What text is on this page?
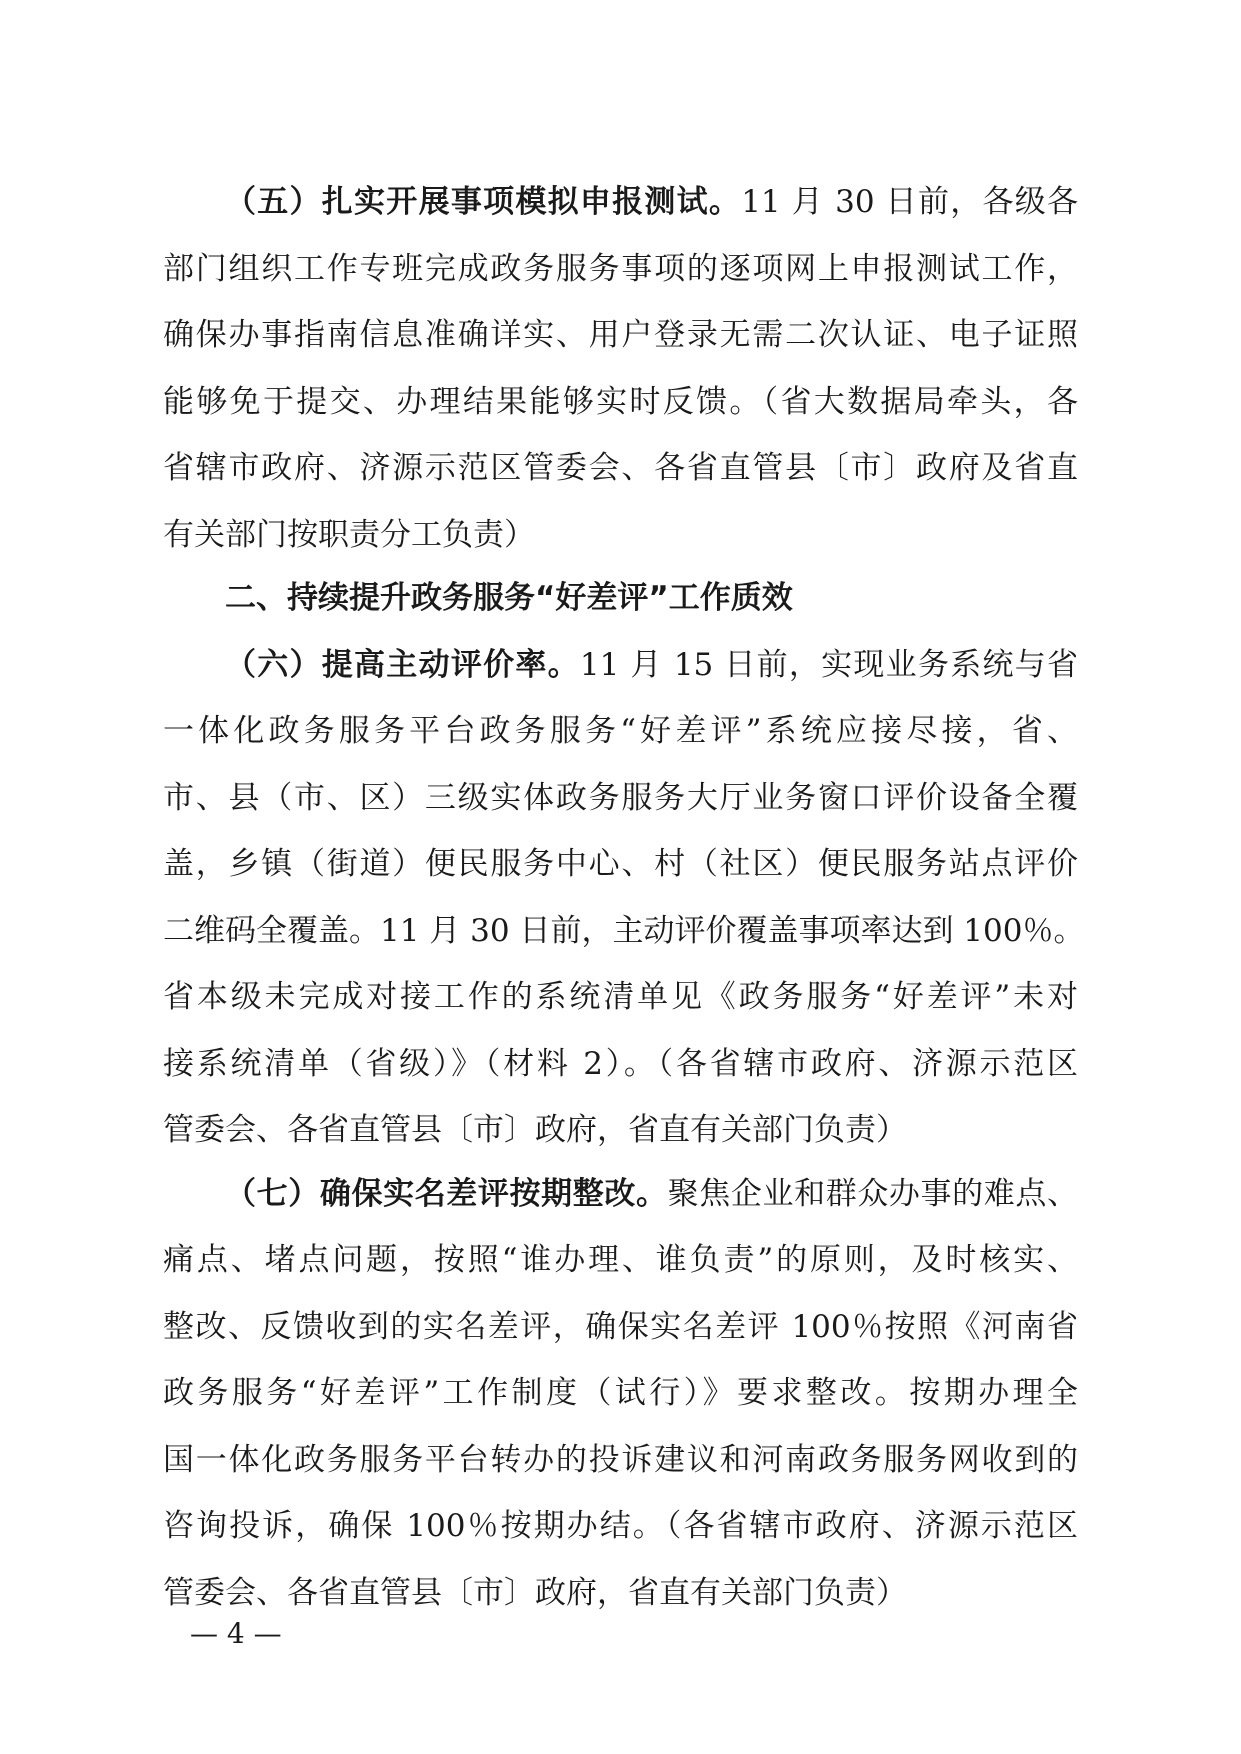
（五）扎实开展事项模拟申报测试。11 月 30 日前，各级各
部门组织工作专班完成政务服务事项的逐项网上申报测试工作，
确保办事指南信息准确详实、用户登录无需二次认证、电子证照
能够免于提交、办理结果能够实时反馈。（省大数据局牵头，各
省辖市政府、济源示范区管委会、各省直管县〔市〕政府及省直
有关部门按职责分工负责）
二、持续提升政务服务“好差评”工作质效
（六）提高主动评价率。11 月 15 日前，实现业务系统与省
一体化政务服务平台政务服务“好差评”系统应接尽接，省、
市、县（市、区）三级实体政务服务大厅业务窗口评价设备全覆
盖，乡镇（街道）便民服务中心、村（社区）便民服务站点评价
二维码全覆盖。11 月 30 日前，主动评价覆盖事项率达到 100％。
省本级未完成对接工作的系统清单见《政务服务“好差评”未对
接系统清单（省级）》（材料 2）。（各省辖市政府、济源示范区
管委会、各省直管县〔市〕政府，省直有关部门负责）
（七）确保实名差评按期整改。聚焦企业和群众办事的难点、
痛点、堵点问题，按照“谁办理、谁负责”的原则，及时核实、
整改、反馈收到的实名差评，确保实名差评 100％按照《河南省
政务服务“好差评”工作制度（试行）》要求整改。按期办理全
国一体化政务服务平台转办的投诉建议和河南政务服务网收到的
咨询投诉，确保 100％按期办结。（各省辖市政府、济源示范区
管委会、各省直管县〔市〕政府，省直有关部门负责）
— 4 —
